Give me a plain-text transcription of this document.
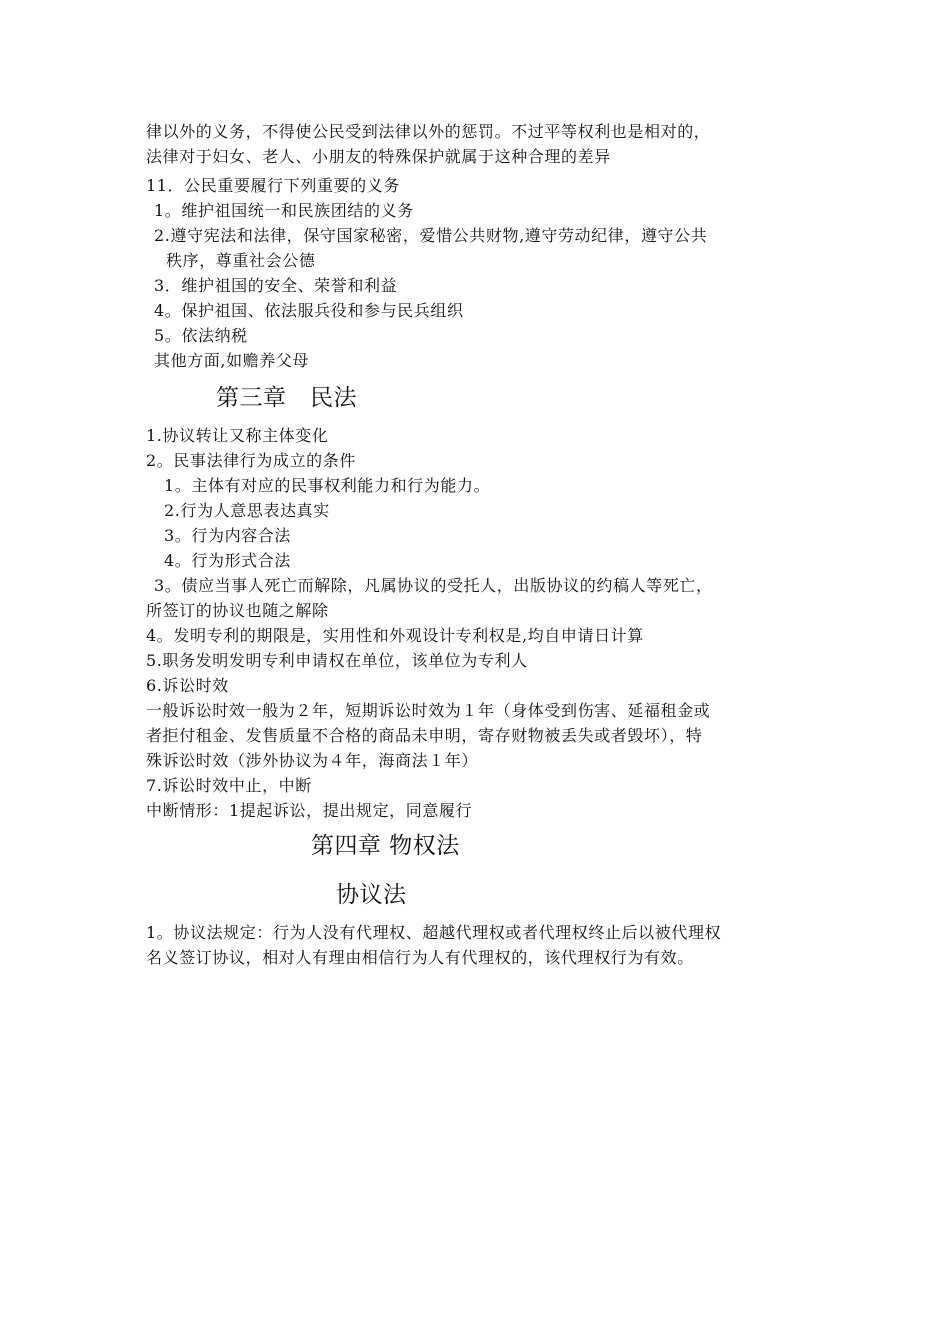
律以外的义务，不得使公民受到法律以外的惩罚。不过平等权利也是相对的，
法律对于妇女、老人、小朋友的特殊保护就属于这种合理的差异
11．公民重要履行下列重要的义务
1。维护祖国统一和民族团结的义务
2.遵守宪法和法律，保守国家秘密，爱惜公共财物,遵守劳动纪律，遵守公共
秩序，尊重社会公德
3．维护祖国的安全、荣誉和利益
4。保护祖国、依法服兵役和参与民兵组织
5。依法纳税
其他方面,如赡养父母
第三章　民法
1.协议转让又称主体变化
2。民事法律行为成立的条件
1。主体有对应的民事权利能力和行为能力。
2.行为人意思表达真实
3。行为内容合法
4。行为形式合法
3。债应当事人死亡而解除，凡属协议的受托人，出版协议的约稿人等死亡，
所签订的协议也随之解除
4。发明专利的期限是，实用性和外观设计专利权是,均自申请日计算
5.职务发明发明专利申请权在单位，该单位为专利人
6.诉讼时效
一般诉讼时效一般为２年，短期诉讼时效为１年（身体受到伤害、延福租金或
者拒付租金、发售质量不合格的商品未申明，寄存财物被丢失或者毁坏），特
殊诉讼时效（涉外协议为４年，海商法１年）
7.诉讼时效中止，中断
中断情形：1提起诉讼，提出规定，同意履行
第四章 物权法
协议法
1。协议法规定：行为人没有代理权、超越代理权或者代理权终止后以被代理权
名义签订协议，相对人有理由相信行为人有代理权的，该代理权行为有效。
